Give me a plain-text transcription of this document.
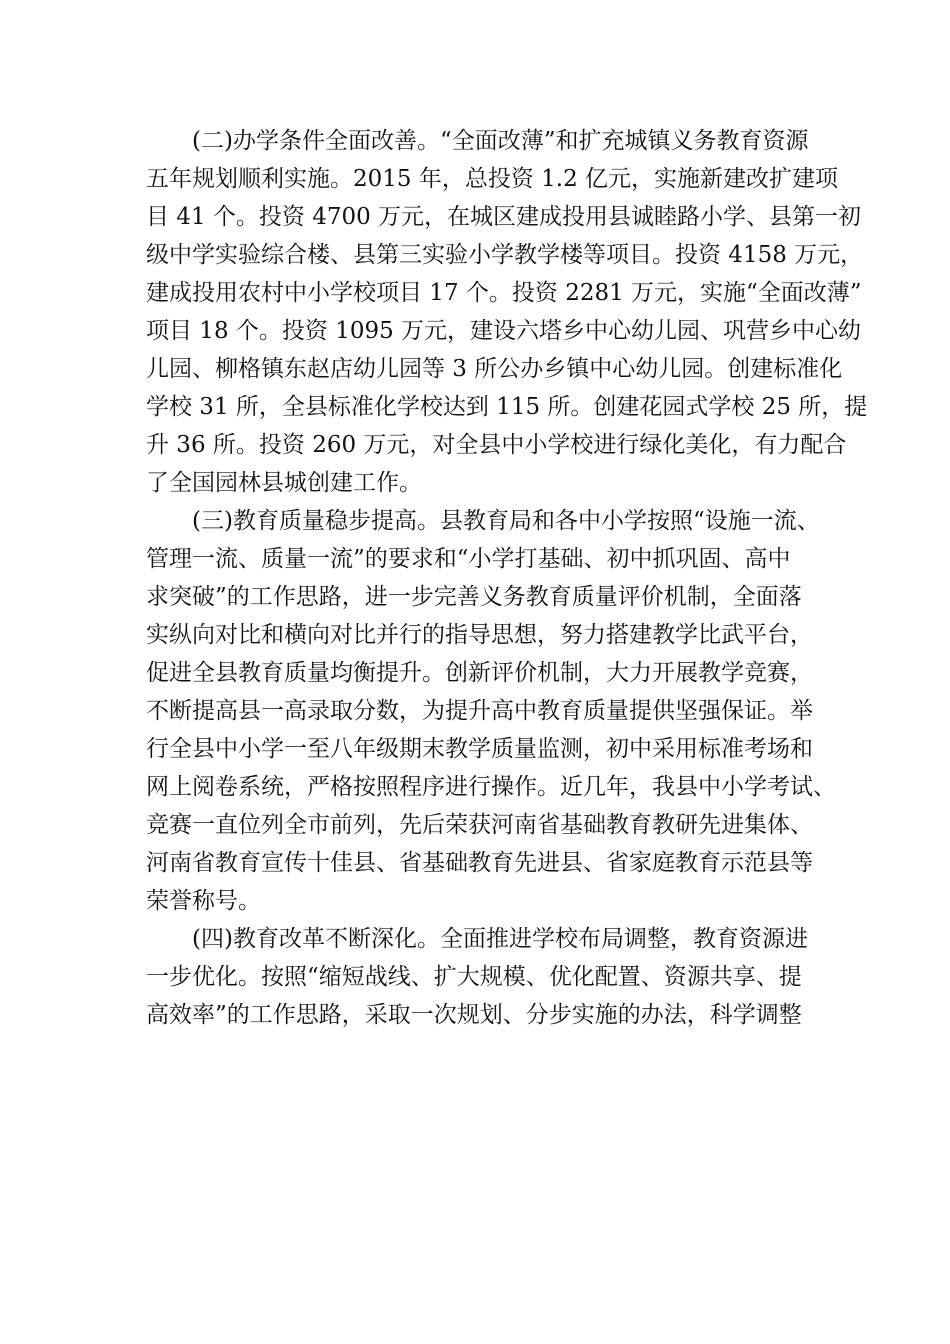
(二)办学条件全面改善。“全面改薄”和扩充城镇义务教育资源
五年规划顺利实施。2015 年，总投资 1.2 亿元，实施新建改扩建项
目 41 个。投资 4700 万元，在城区建成投用县诚睦路小学、县第一初
级中学实验综合楼、县第三实验小学教学楼等项目。投资 4158 万元，
建成投用农村中小学校项目 17 个。投资 2281 万元，实施“全面改薄”
项目 18 个。投资 1095 万元，建设六塔乡中心幼儿园、巩营乡中心幼
儿园、柳格镇东赵店幼儿园等 3 所公办乡镇中心幼儿园。创建标准化
学校 31 所，全县标准化学校达到 115 所。创建花园式学校 25 所，提
升 36 所。投资 260 万元，对全县中小学校进行绿化美化，有力配合
了全国园林县城创建工作。
(三)教育质量稳步提高。县教育局和各中小学按照“设施一流、
管理一流、质量一流”的要求和“小学打基础、初中抓巩固、高中
求突破”的工作思路，进一步完善义务教育质量评价机制，全面落
实纵向对比和横向对比并行的指导思想，努力搭建教学比武平台，
促进全县教育质量均衡提升。创新评价机制，大力开展教学竞赛，
不断提高县一高录取分数，为提升高中教育质量提供坚强保证。举
行全县中小学一至八年级期末教学质量监测，初中采用标准考场和
网上阅卷系统，严格按照程序进行操作。近几年，我县中小学考试、
竞赛一直位列全市前列，先后荣获河南省基础教育教研先进集体、
河南省教育宣传十佳县、省基础教育先进县、省家庭教育示范县等
荣誉称号。
(四)教育改革不断深化。全面推进学校布局调整，教育资源进
一步优化。按照“缩短战线、扩大规模、优化配置、资源共享、提
高效率”的工作思路，采取一次规划、分步实施的办法，科学调整
